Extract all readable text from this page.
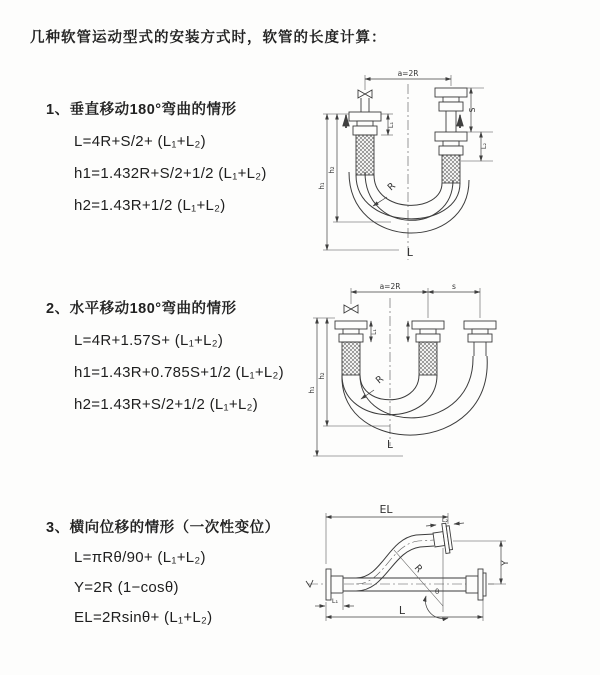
几种软管运动型式的安装方式时，软管的长度计算：
1、垂直移动180°弯曲的情形
L=4R+S/2+ (L₁+L₂)
h1=1.432R+S/2+1/2 (L₁+L₂)
h2=1.43R+1/2 (L₁+L₂)
a=2R
h₁
h₂
L₁
S
L₂
R
L
2、水平移动180°弯曲的情形
L=4R+1.57S+ (L₁+L₂)
h1=1.43R+0.785S+1/2 (L₁+L₂)
h2=1.43R+S/2+1/2 (L₁+L₂)
a=2R	s
L₁
h₁
h₂	R
L
3、横向位移的情形（一次性变位）
L=πRθ/90+ (L₁+L₂)
Y=2R (1−cosθ)
EL=2Rsinθ+ (L₁+L₂)
EL
L₂
Y
R
θ
L
L₁
